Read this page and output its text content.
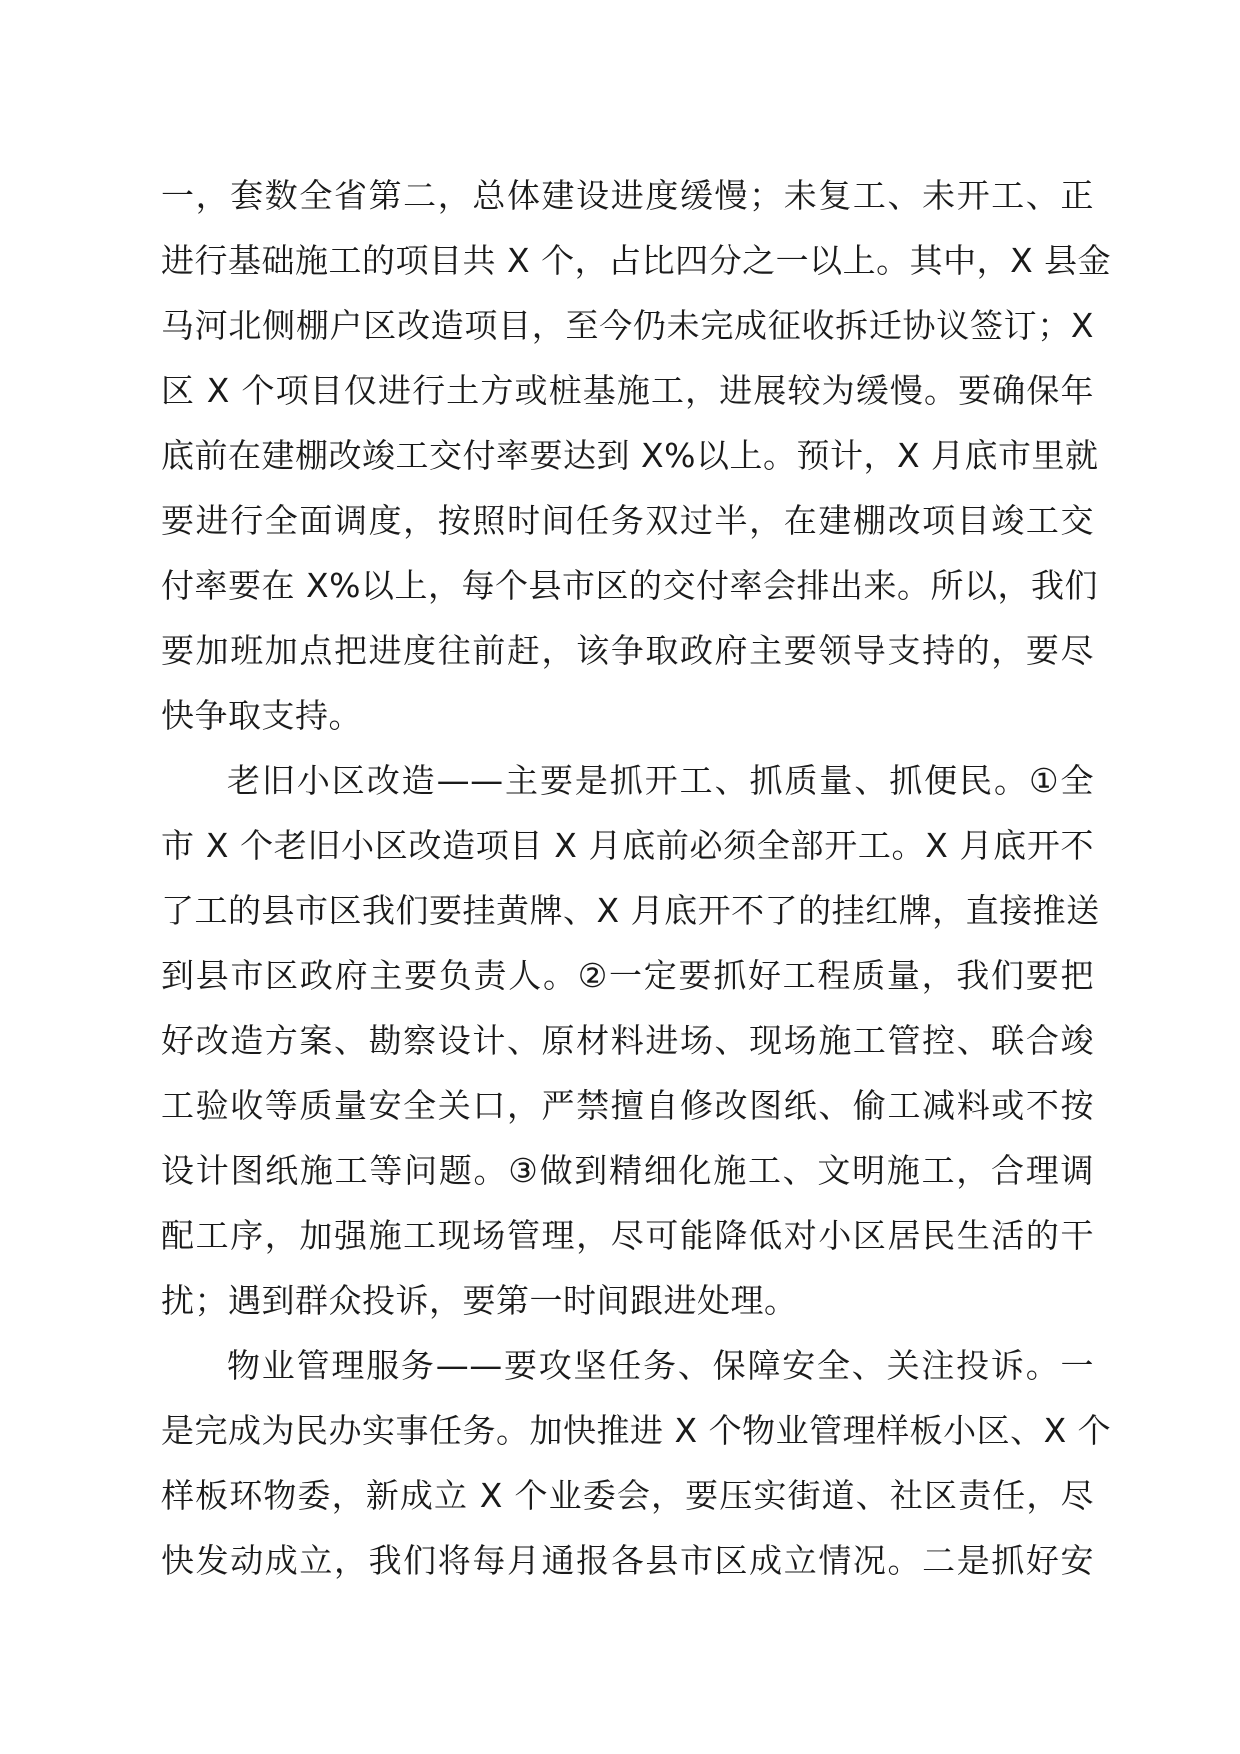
一，套数全省第二，总体建设进度缓慢；未复工、未开工、正
进行基础施工的项目共 X 个，占比四分之一以上。其中，X 县金
马河北侧棚户区改造项目，至今仍未完成征收拆迁协议签订；X
区 X 个项目仅进行土方或桩基施工，进展较为缓慢。要确保年
底前在建棚改竣工交付率要达到 X%以上。预计，X 月底市里就
要进行全面调度，按照时间任务双过半，在建棚改项目竣工交
付率要在 X%以上，每个县市区的交付率会排出来。所以，我们
要加班加点把进度往前赶，该争取政府主要领导支持的，要尽
快争取支持。
老旧小区改造——主要是抓开工、抓质量、抓便民。①全
市 X 个老旧小区改造项目 X 月底前必须全部开工。X 月底开不
了工的县市区我们要挂黄牌、X 月底开不了的挂红牌，直接推送
到县市区政府主要负责人。②一定要抓好工程质量，我们要把
好改造方案、勘察设计、原材料进场、现场施工管控、联合竣
工验收等质量安全关口，严禁擅自修改图纸、偷工减料或不按
设计图纸施工等问题。③做到精细化施工、文明施工，合理调
配工序，加强施工现场管理，尽可能降低对小区居民生活的干
扰；遇到群众投诉，要第一时间跟进处理。
物业管理服务——要攻坚任务、保障安全、关注投诉。一
是完成为民办实事任务。加快推进 X 个物业管理样板小区、X 个
样板环物委，新成立 X 个业委会，要压实街道、社区责任，尽
快发动成立，我们将每月通报各县市区成立情况。二是抓好安
